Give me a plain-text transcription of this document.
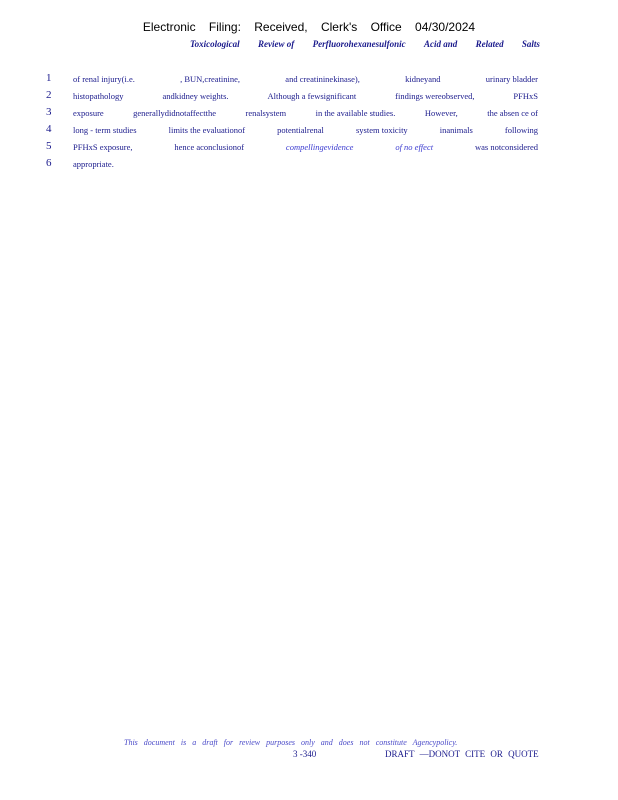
Electronic Filing: Received, Clerk's Office 04/30/2024
Toxicological Review of Perfluorohexanesulfonic Acid and Related Salts
1	of renal injury(i.e.	, BUN,creatinine,	and creatininekinase),	kidneyand	urinary bladder
2	histopathology	andkidney weights.	Although a fewsignificant	findings wereobserved,	PFHxS
3	exposure	generallydidnotaffectthe	renalsystem	in the available studies.	However,	the absen ce of
4	long - term studies	limits the evaluationof	potentialrenal	system toxicity	inanimals	following
5	PFHxS exposure,	hence aconclusionof	compellingevidence	of no effect	was notconsidered
6	appropriate.
This document is a draft for review purposes only and does not constitute Agencypolicy.
3 -340	DRAFT —DONOT CITE OR QUOTE
